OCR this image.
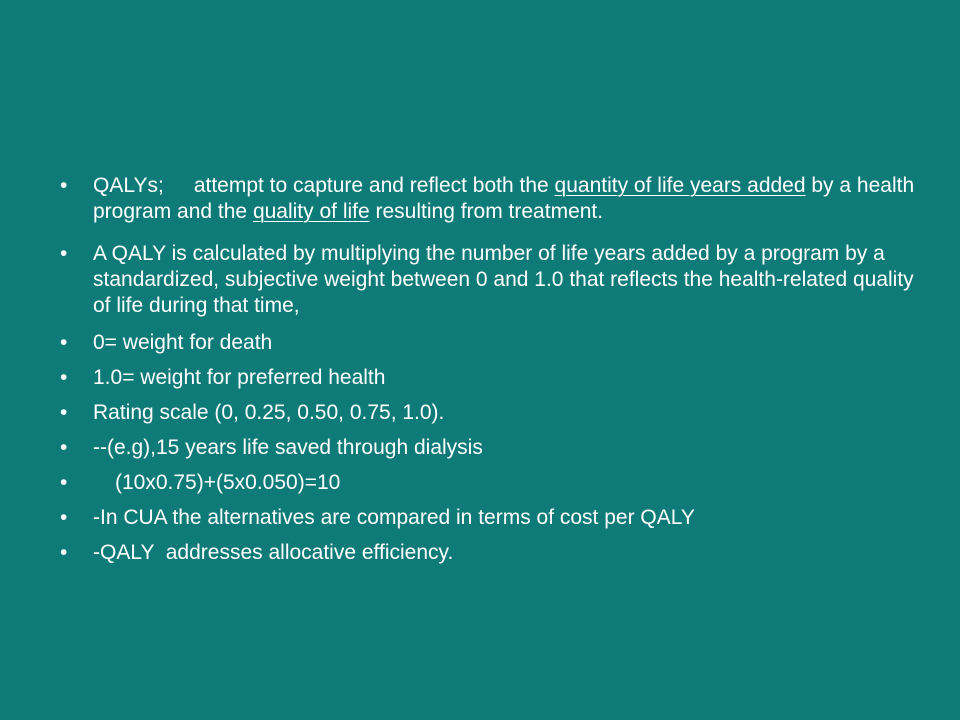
•	QALYs; attempt to capture and reflect both the quantity of life years added by a health program and the quality of life resulting from treatment.
•	A QALY is calculated by multiplying the number of life years added by a program by a standardized, subjective weight between 0 and 1.0 that reflects the health-related quality of life during that time,
•	0= weight for death
•	1.0= weight for preferred health
•	Rating scale (0, 0.25, 0.50, 0.75, 1.0).
•	--(e.g),15 years life saved through dialysis
•	(10x0.75)+(5x0.050)=10
•	-In CUA the alternatives are compared in terms of cost per QALY
•	-QALY  addresses allocative efficiency.
